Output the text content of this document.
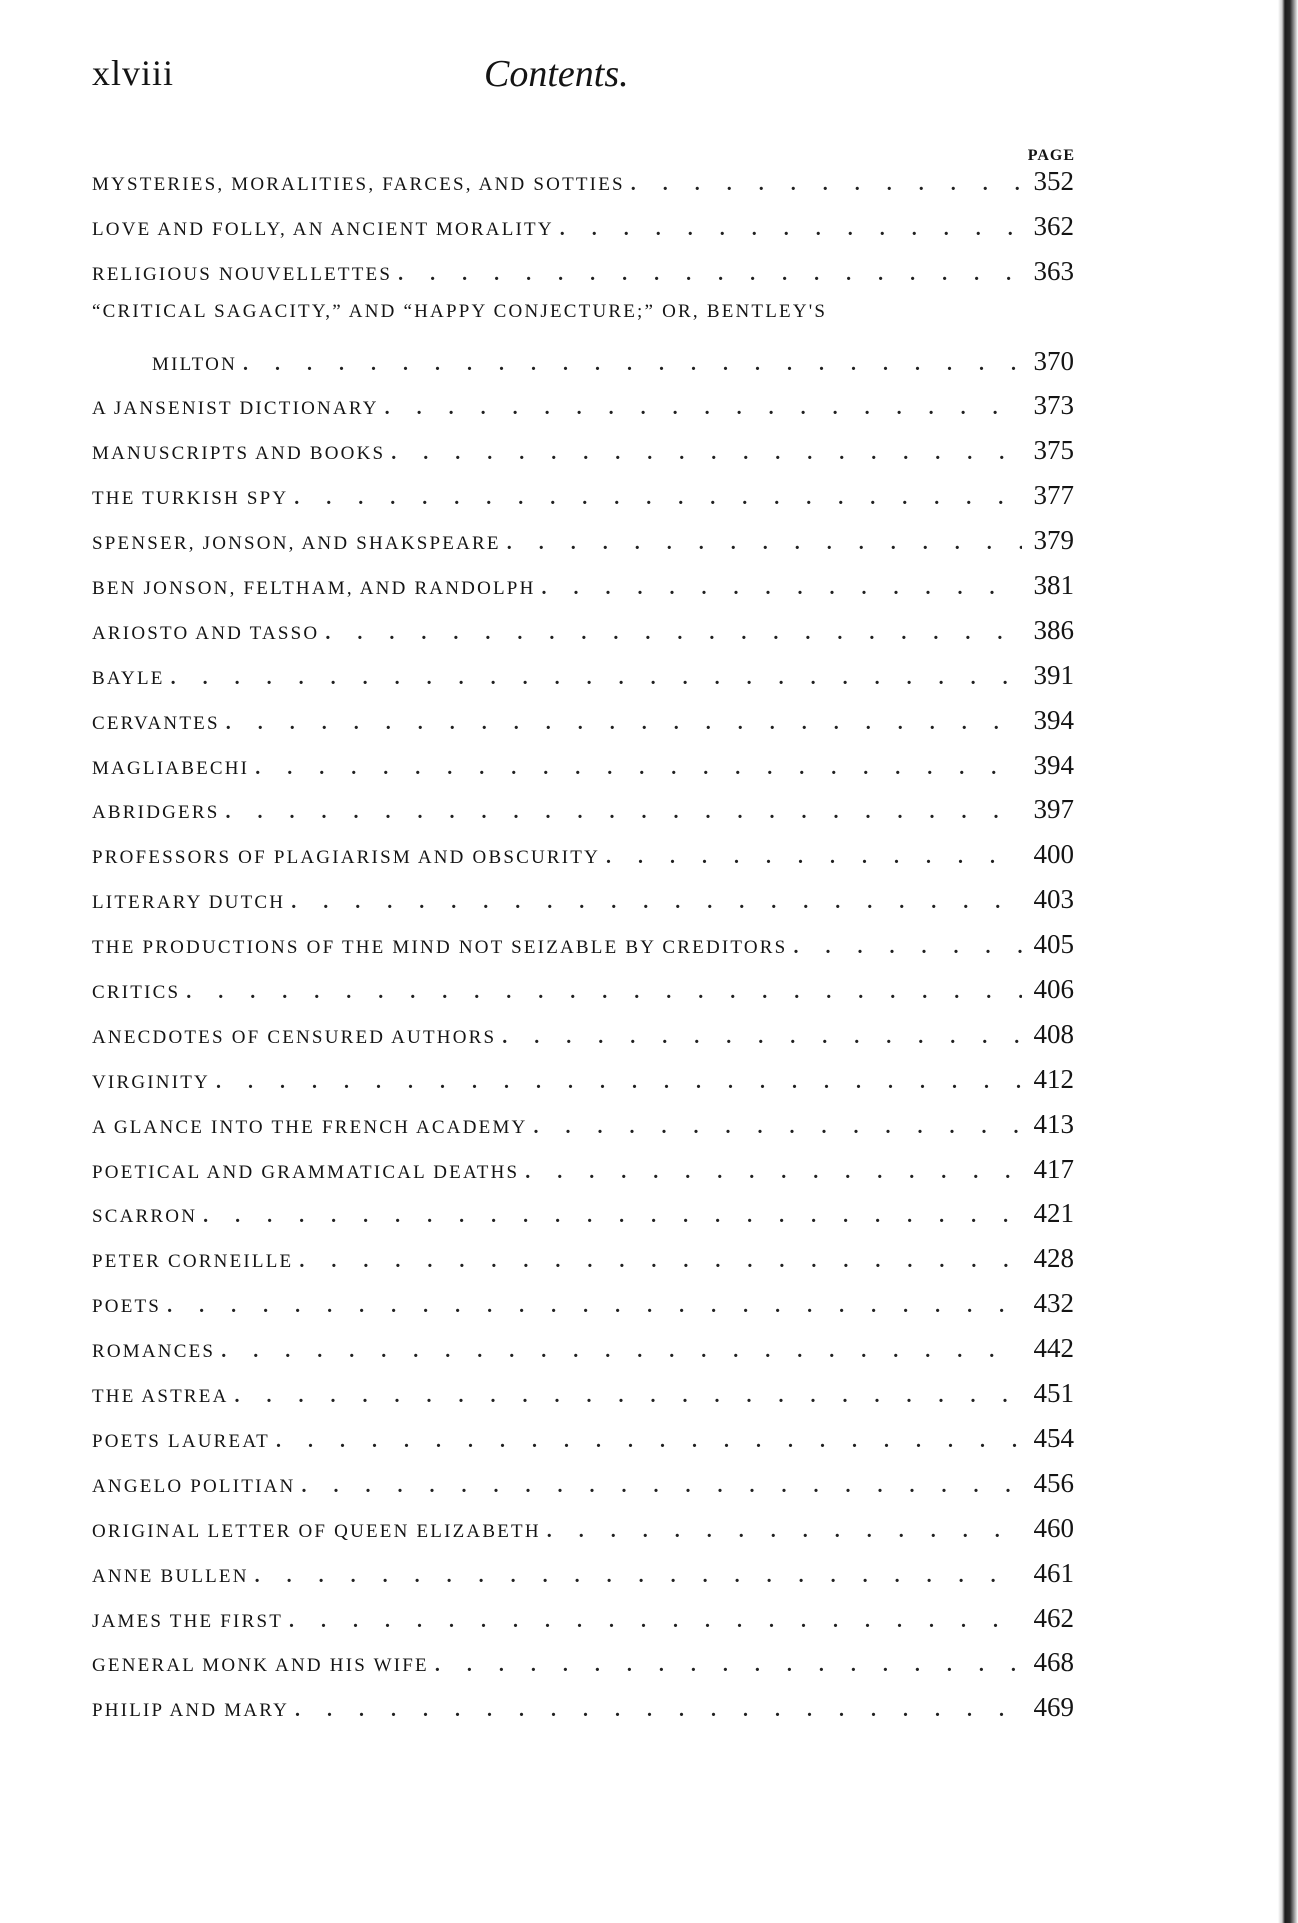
xlviii	Contents.
PAGE
MYSTERIES, MORALITIES, FARCES, AND SOTTIES . . .	352
LOVE AND FOLLY, AN ANCIENT MORALITY . . .	362
RELIGIOUS NOUVELLETTES . . .	363
“CRITICAL SAGACITY,” AND “HAPPY CONJECTURE;” OR, BENTLEY'S
MILTON . . .	370
A JANSENIST DICTIONARY . . .	373
MANUSCRIPTS AND BOOKS . . .	375
THE TURKISH SPY . . .	377
SPENSER, JONSON, AND SHAKSPEARE . . .	379
BEN JONSON, FELTHAM, AND RANDOLPH . . .	381
ARIOSTO AND TASSO . . .	386
BAYLE . . .	391
CERVANTES . . .	394
MAGLIABECHI . . .	394
ABRIDGERS . . .	397
PROFESSORS OF PLAGIARISM AND OBSCURITY . . .	400
LITERARY DUTCH . . .	403
THE PRODUCTIONS OF THE MIND NOT SEIZABLE BY CREDITORS . . .	405
CRITICS . . .	406
ANECDOTES OF CENSURED AUTHORS . . .	408
VIRGINITY . . .	412
A GLANCE INTO THE FRENCH ACADEMY . . .	413
POETICAL AND GRAMMATICAL DEATHS . . .	417
SCARRON . . .	421
PETER CORNEILLE . . .	428
POETS . . .	432
ROMANCES . . .	442
THE ASTREA . . .	451
POETS LAUREAT . . .	454
ANGELO POLITIAN . . .	456
ORIGINAL LETTER OF QUEEN ELIZABETH . . .	460
ANNE BULLEN . . .	461
JAMES THE FIRST . . .	462
GENERAL MONK AND HIS WIFE . . .	468
PHILIP AND MARY . . .	469
